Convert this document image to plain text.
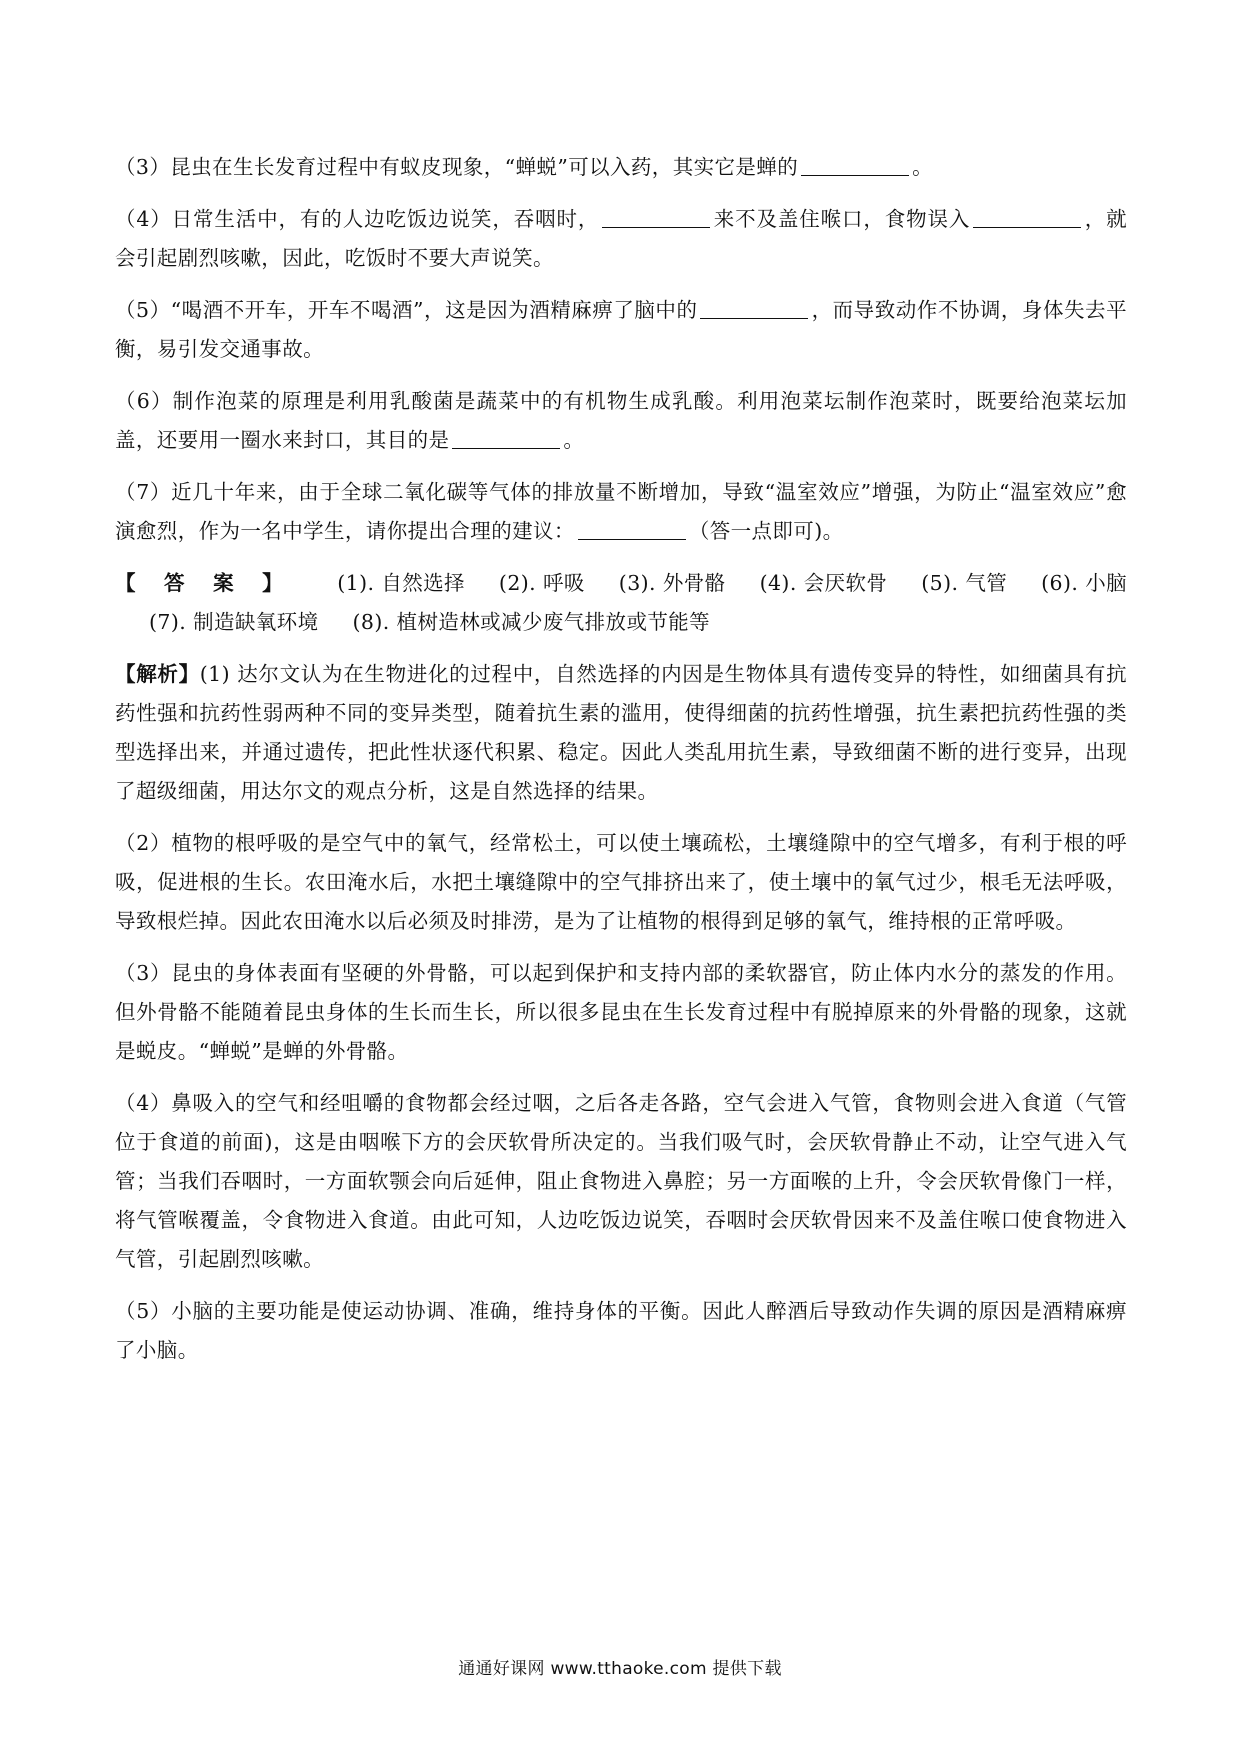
（3）昆虫在生长发育过程中有蚁皮现象，“蝉蜕”可以入药，其实它是蝉的	。

（4）日常生活中，有的人边吃饭边说笑，吞咽时，	来不及盖住喉口，食物误入	，就会引起剧烈咳嗽，因此，吃饭时不要大声说笑。

（5）“喝酒不开车，开车不喝酒”，这是因为酒精麻痹了脑中的	，而导致动作不协调，身体失去平衡，易引发交通事故。

（6）制作泡菜的原理是利用乳酸菌是蔬菜中的有机物生成乳酸。利用泡菜坛制作泡菜时，既要给泡菜坛加盖，还要用一圈水来封口，其目的是	。

（7）近几十年来，由于全球二氧化碳等气体的排放量不断增加，导致“温室效应”增强，为防止“温室效应”愈演愈烈，作为一名中学生，请你提出合理的建议：	（答一点即可)。

【答案】 (1). 自然选择 (2). 呼吸 (3). 外骨骼 (4). 会厌软骨 (5). 气管 (6). 小脑(7). 制造缺氧环境 (8). 植树造林或减少废气排放或节能等

【解析】(1) 达尔文认为在生物进化的过程中，自然选择的内因是生物体具有遗传变异的特性，如细菌具有抗药性强和抗药性弱两种不同的变异类型，随着抗生素的滥用，使得细菌的抗药性增强，抗生素把抗药性强的类型选择出来，并通过遗传，把此性状逐代积累、稳定。因此人类乱用抗生素，导致细菌不断的进行变异，出现了超级细菌，用达尔文的观点分析，这是自然选择的结果。

（2）植物的根呼吸的是空气中的氧气，经常松土，可以使土壤疏松，土壤缝隙中的空气增多，有利于根的呼吸，促进根的生长。农田淹水后，水把土壤缝隙中的空气排挤出来了，使土壤中的氧气过少，根毛无法呼吸，导致根烂掉。因此农田淹水以后必须及时排涝，是为了让植物的根得到足够的氧气，维持根的正常呼吸。

（3）昆虫的身体表面有坚硬的外骨骼，可以起到保护和支持内部的柔软器官，防止体内水分的蒸发的作用。但外骨骼不能随着昆虫身体的生长而生长，所以很多昆虫在生长发育过程中有脱掉原来的外骨骼的现象，这就是蜕皮。“蝉蜕”是蝉的外骨骼。

（4）鼻吸入的空气和经咀嚼的食物都会经过咽，之后各走各路，空气会进入气管，食物则会进入食道（气管位于食道的前面)，这是由咽喉下方的会厌软骨所决定的。当我们吸气时，会厌软骨静止不动，让空气进入气管；当我们吞咽时，一方面软颚会向后延伸，阻止食物进入鼻腔；另一方面喉的上升，令会厌软骨像门一样，将气管喉覆盖，令食物进入食道。由此可知，人边吃饭边说笑，吞咽时会厌软骨因来不及盖住喉口使食物进入气管，引起剧烈咳嗽。

（5）小脑的主要功能是使运动协调、准确，维持身体的平衡。因此人醉酒后导致动作失调的原因是酒精麻痹了小脑。

通通好课网 www.tthaoke.com 提供下载
